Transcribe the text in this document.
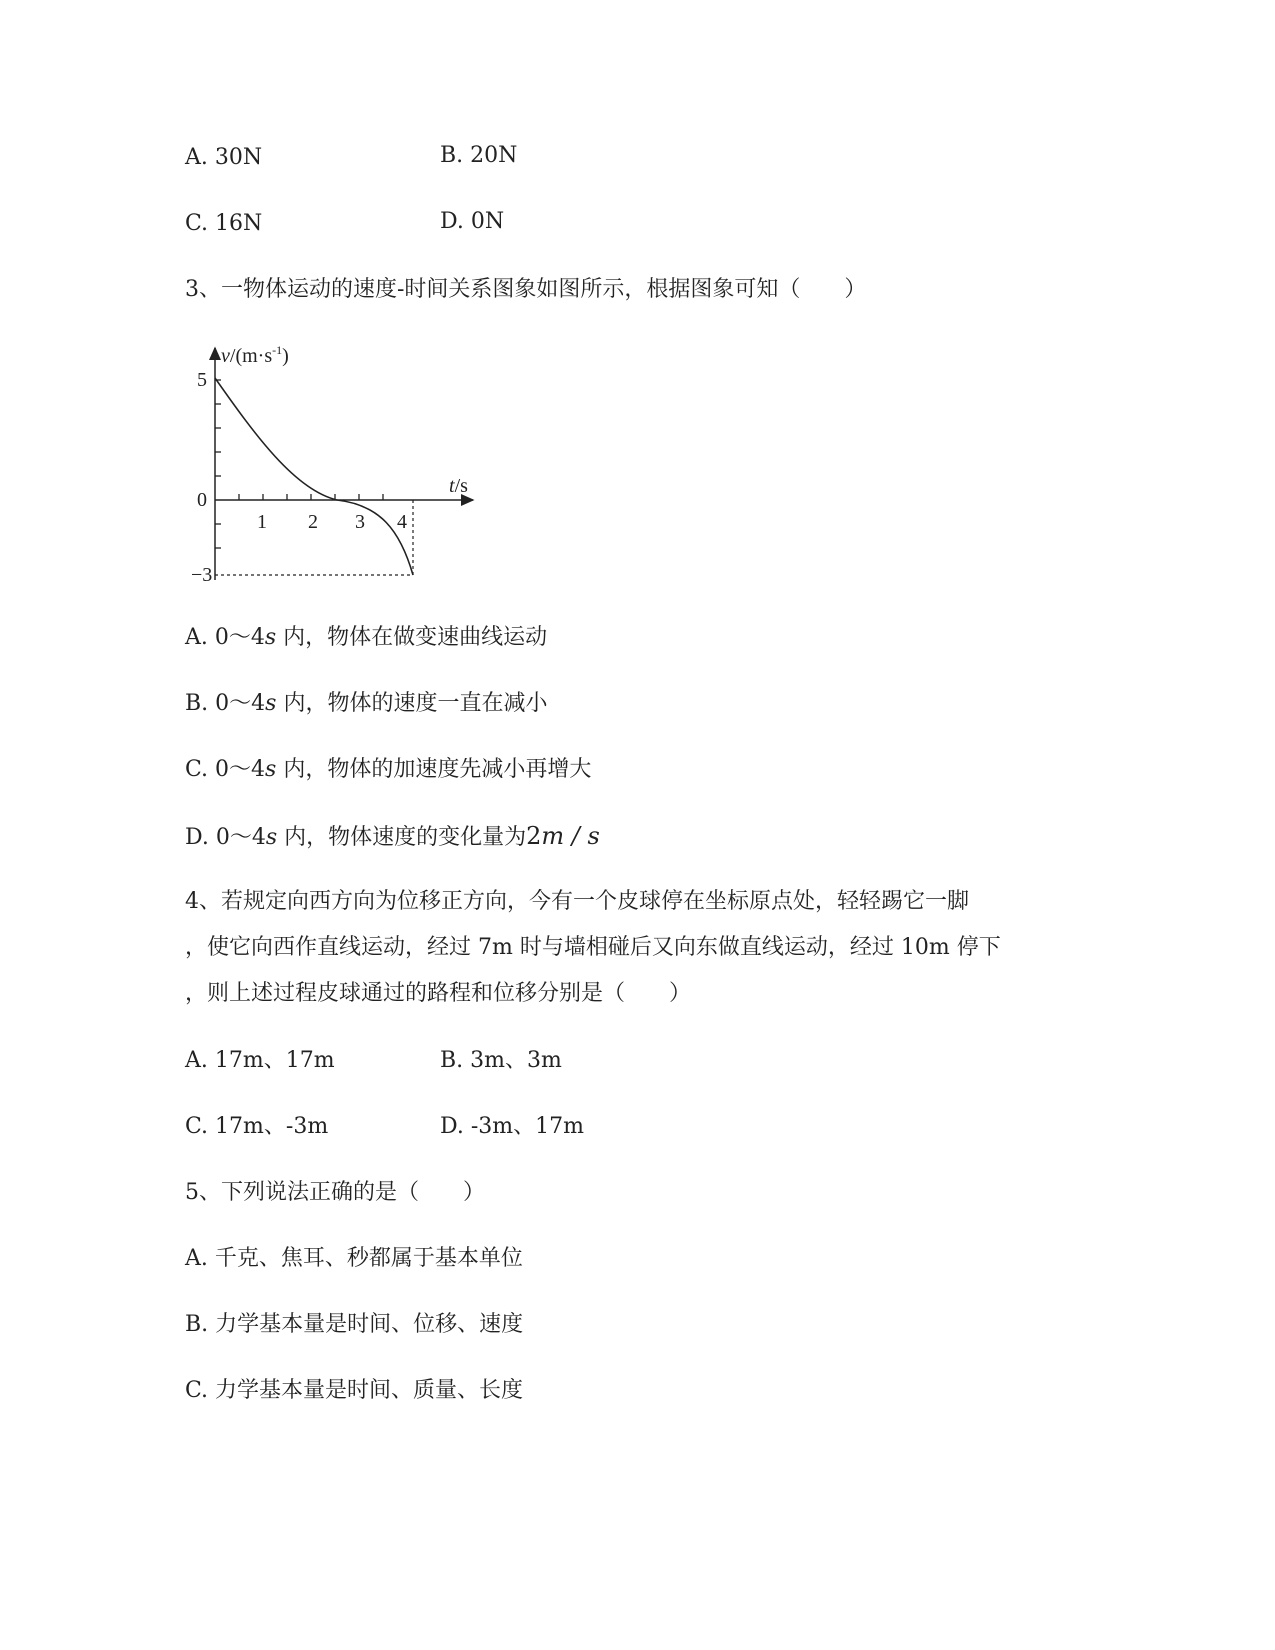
A. 30N	B. 20N
C. 16N	D. 0N
3、一物体运动的速度-时间关系图象如图所示，根据图象可知（　　）
$v/(m\cdot s^{-1})$
5
0
−3
t/s
1 2 3 4
A. 0～4s 内，物体在做变速曲线运动
B. 0～4s 内，物体的速度一直在减小
C. 0～4s 内，物体的加速度先减小再增大
D. 0～4s 内，物体速度的变化量为2m / s
4、若规定向西方向为位移正方向，今有一个皮球停在坐标原点处，轻轻踢它一脚
，使它向西作直线运动，经过 7m 时与墙相碰后又向东做直线运动，经过 10m 停下
，则上述过程皮球通过的路程和位移分别是（　　）
A. 17m、17m	B. 3m、3m
C. 17m、-3m	D. -3m、17m
5、下列说法正确的是（　　）
A. 千克、焦耳、秒都属于基本单位
B. 力学基本量是时间、位移、速度
C. 力学基本量是时间、质量、长度
